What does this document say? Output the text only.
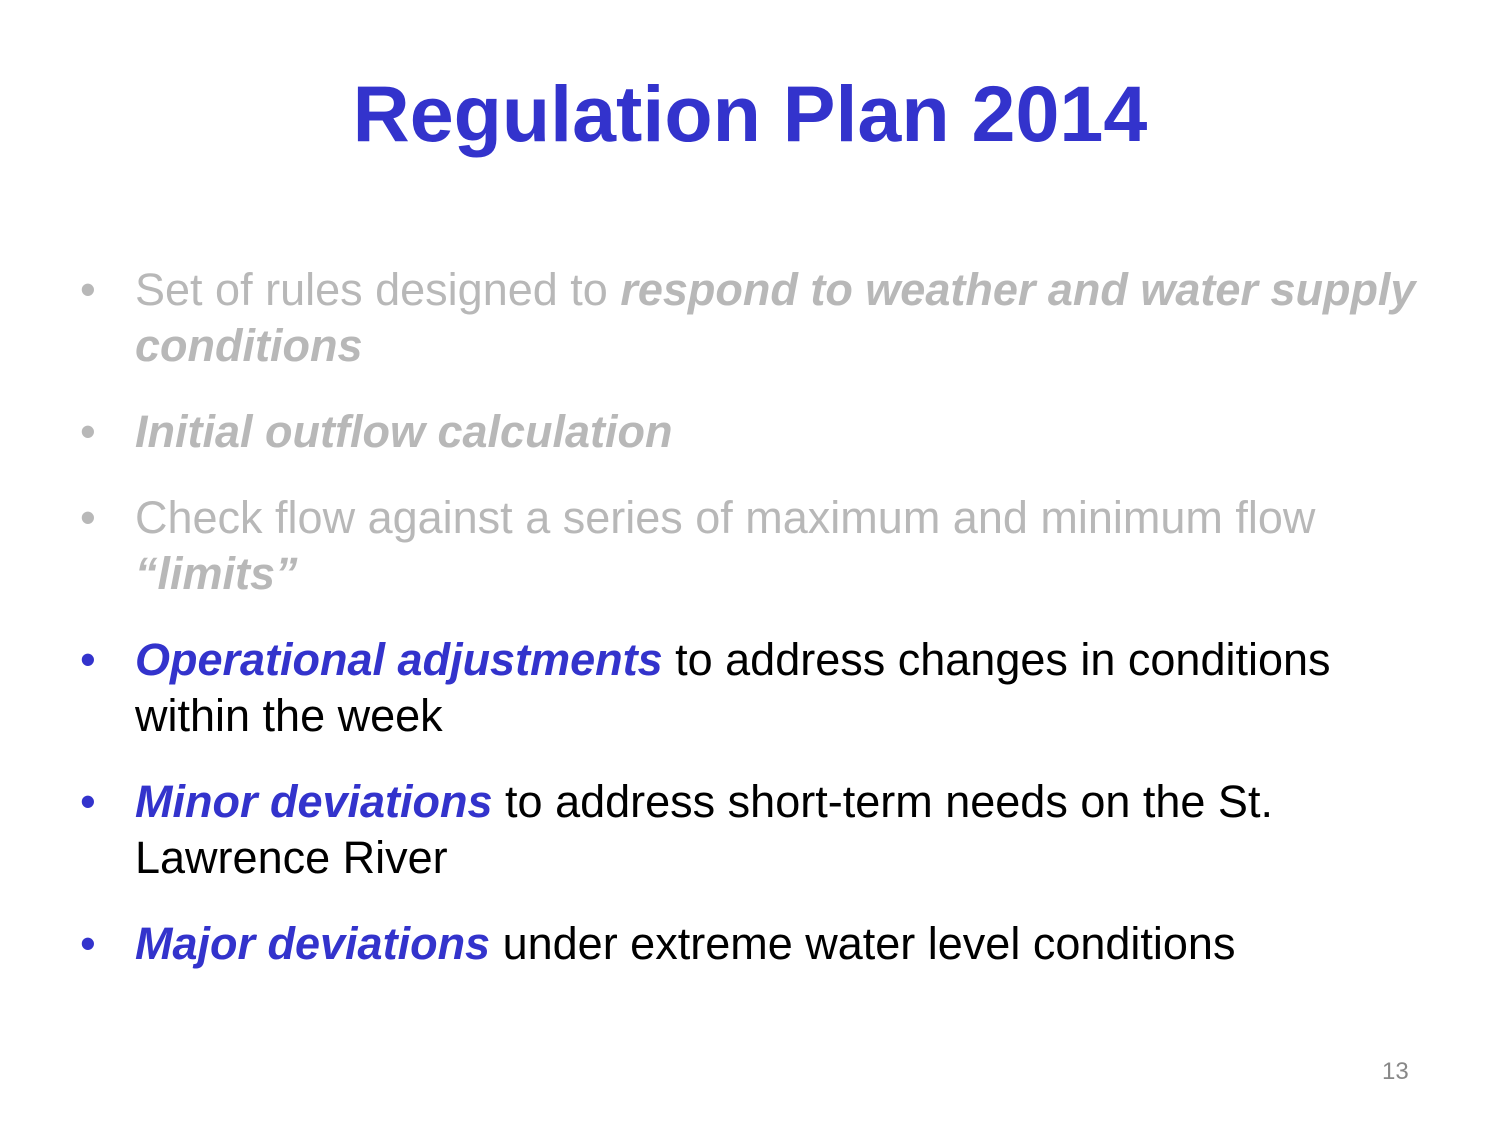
Regulation Plan 2014
• Set of rules designed to respond to weather and water supply conditions
• Initial outflow calculation
• Check flow against a series of maximum and minimum flow “limits”
• Operational adjustments to address changes in conditions within the week
• Minor deviations to address short-term needs on the St. Lawrence River
• Major deviations under extreme water level conditions
13
